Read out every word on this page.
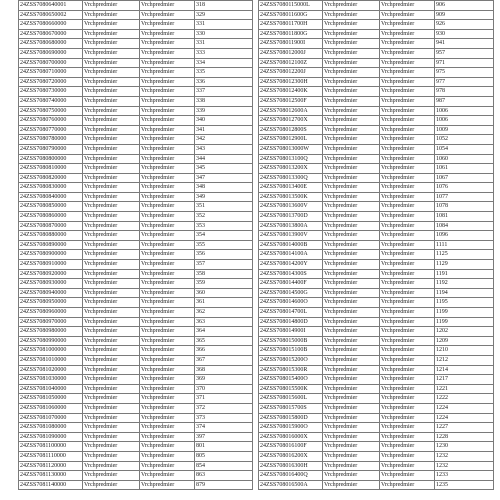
24ZSS7080640001	Vrchpredmier	Vrchpredmier	318
24ZSS7080650002	Vrchpredmier	Vrchpredmier	329
24ZSS7080660000	Vrchpredmier	Vrchpredmier	331
24ZSS7080670000	Vrchpredmier	Vrchpredmier	330
24ZSS7080680000	Vrchpredmier	Vrchpredmier	331
24ZSS7080690000	Vrchpredmier	Vrchpredmier	333
24ZSS7080700000	Vrchpredmier	Vrchpredmier	334
24ZSS7080710000	Vrchpredmier	Vrchpredmier	335
24ZSS7080720000	Vrchpredmier	Vrchpredmier	336
24ZSS7080730000	Vrchpredmier	Vrchpredmier	337
24ZSS7080740000	Vrchpredmier	Vrchpredmier	338
24ZSS7080750000	Vrchpredmier	Vrchpredmier	339
24ZSS7080760000	Vrchpredmier	Vrchpredmier	340
24ZSS7080770000	Vrchpredmier	Vrchpredmier	341
24ZSS7080780000	Vrchpredmier	Vrchpredmier	342
24ZSS7080790000	Vrchpredmier	Vrchpredmier	343
24ZSS7080800000	Vrchpredmier	Vrchpredmier	344
24ZSS7080810000	Vrchpredmier	Vrchpredmier	345
24ZSS7080820000	Vrchpredmier	Vrchpredmier	347
24ZSS7080830000	Vrchpredmier	Vrchpredmier	348
24ZSS7080840000	Vrchpredmier	Vrchpredmier	349
24ZSS7080850000	Vrchpredmier	Vrchpredmier	351
24ZSS7080860000	Vrchpredmier	Vrchpredmier	352
24ZSS7080870000	Vrchpredmier	Vrchpredmier	353
24ZSS7080880000	Vrchpredmier	Vrchpredmier	354
24ZSS7080890000	Vrchpredmier	Vrchpredmier	355
24ZSS7080900000	Vrchpredmier	Vrchpredmier	356
24ZSS7080910000	Vrchpredmier	Vrchpredmier	357
24ZSS7080920000	Vrchpredmier	Vrchpredmier	358
24ZSS7080930000	Vrchpredmier	Vrchpredmier	359
24ZSS7080940000	Vrchpredmier	Vrchpredmier	360
24ZSS7080950000	Vrchpredmier	Vrchpredmier	361
24ZSS7080960000	Vrchpredmier	Vrchpredmier	362
24ZSS7080970000	Vrchpredmier	Vrchpredmier	363
24ZSS7080980000	Vrchpredmier	Vrchpredmier	364
24ZSS7080990000	Vrchpredmier	Vrchpredmier	365
24ZSS7081000000	Vrchpredmier	Vrchpredmier	366
24ZSS7081010000	Vrchpredmier	Vrchpredmier	367
24ZSS7081020000	Vrchpredmier	Vrchpredmier	368
24ZSS7081030000	Vrchpredmier	Vrchpredmier	369
24ZSS7081040000	Vrchpredmier	Vrchpredmier	370
24ZSS7081050000	Vrchpredmier	Vrchpredmier	371
24ZSS7081060000	Vrchpredmier	Vrchpredmier	372
24ZSS7081070000	Vrchpredmier	Vrchpredmier	373
24ZSS7081080000	Vrchpredmier	Vrchpredmier	374
24ZSS7081090000	Vrchpredmier	Vrchpredmier	397
24ZSS7081100000	Vrchpredmier	Vrchpredmier	801
24ZSS7081110000	Vrchpredmier	Vrchpredmier	805
24ZSS7081120000	Vrchpredmier	Vrchpredmier	854
24ZSS7081130000	Vrchpredmier	Vrchpredmier	863
24ZSS7081140000	Vrchpredmier	Vrchpredmier	879
24ZSS7080115000L	Vrchpredmier	Vrchpredmier	906
24ZSS708011600G	Vrchpredmier	Vrchpredmier	909
24ZSS708011700H	Vrchpredmier	Vrchpredmier	926
24ZSS708011800G	Vrchpredmier	Vrchpredmier	930
24ZSS708011900I	Vrchpredmier	Vrchpredmier	941
24ZSS708012000J	Vrchpredmier	Vrchpredmier	957
24ZSS708012100Z	Vrchpredmier	Vrchpredmier	971
24ZSS708012200J	Vrchpredmier	Vrchpredmier	975
24ZSS708012300H	Vrchpredmier	Vrchpredmier	977
24ZSS708012400K	Vrchpredmier	Vrchpredmier	978
24ZSS708012500F	Vrchpredmier	Vrchpredmier	987
24ZSS708012600A	Vrchpredmier	Vrchpredmier	1006
24ZSS708012700X	Vrchpredmier	Vrchpredmier	1006
24ZSS708012800S	Vrchpredmier	Vrchpredmier	1009
24ZSS708012900L	Vrchpredmier	Vrchpredmier	1052
24ZSS708013000W	Vrchpredmier	Vrchpredmier	1054
24ZSS708013100Q	Vrchpredmier	Vrchpredmier	1060
24ZSS708013200X	Vrchpredmier	Vrchpredmier	1061
24ZSS708013300Q	Vrchpredmier	Vrchpredmier	1067
24ZSS708013400E	Vrchpredmier	Vrchpredmier	1076
24ZSS708013500K	Vrchpredmier	Vrchpredmier	1077
24ZSS708013600V	Vrchpredmier	Vrchpredmier	1078
24ZSS708013700D	Vrchpredmier	Vrchpredmier	1081
24ZSS708013800A	Vrchpredmier	Vrchpredmier	1084
24ZSS708013900V	Vrchpredmier	Vrchpredmier	1096
24ZSS708014000B	Vrchpredmier	Vrchpredmier	1111
24ZSS708014100A	Vrchpredmier	Vrchpredmier	1125
24ZSS708014200Y	Vrchpredmier	Vrchpredmier	1129
24ZSS708014300S	Vrchpredmier	Vrchpredmier	1191
24ZSS708014400F	Vrchpredmier	Vrchpredmier	1192
24ZSS708014500G	Vrchpredmier	Vrchpredmier	1194
24ZSS708014600O	Vrchpredmier	Vrchpredmier	1195
24ZSS708014700L	Vrchpredmier	Vrchpredmier	1199
24ZSS708014800D	Vrchpredmier	Vrchpredmier	1199
24ZSS708014900I	Vrchpredmier	Vrchpredmier	1202
24ZSS708015000B	Vrchpredmier	Vrchpredmier	1209
24ZSS708015100B	Vrchpredmier	Vrchpredmier	1210
24ZSS708015200O	Vrchpredmier	Vrchpredmier	1212
24ZSS708015300R	Vrchpredmier	Vrchpredmier	1214
24ZSS708015400O	Vrchpredmier	Vrchpredmier	1217
24ZSS708015500K	Vrchpredmier	Vrchpredmier	1221
24ZSS708015600L	Vrchpredmier	Vrchpredmier	1222
24ZSS708015700S	Vrchpredmier	Vrchpredmier	1224
24ZSS708015800D	Vrchpredmier	Vrchpredmier	1224
24ZSS708015900O	Vrchpredmier	Vrchpredmier	1227
24ZSS708016000X	Vrchpredmier	Vrchpredmier	1228
24ZSS708016100F	Vrchpredmier	Vrchpredmier	1230
24ZSS708016200X	Vrchpredmier	Vrchpredmier	1232
24ZSS708016300H	Vrchpredmier	Vrchpredmier	1232
24ZSS708016400Q	Vrchpredmier	Vrchpredmier	1233
24ZSS708016500A	Vrchpredmier	Vrchpredmier	1235
